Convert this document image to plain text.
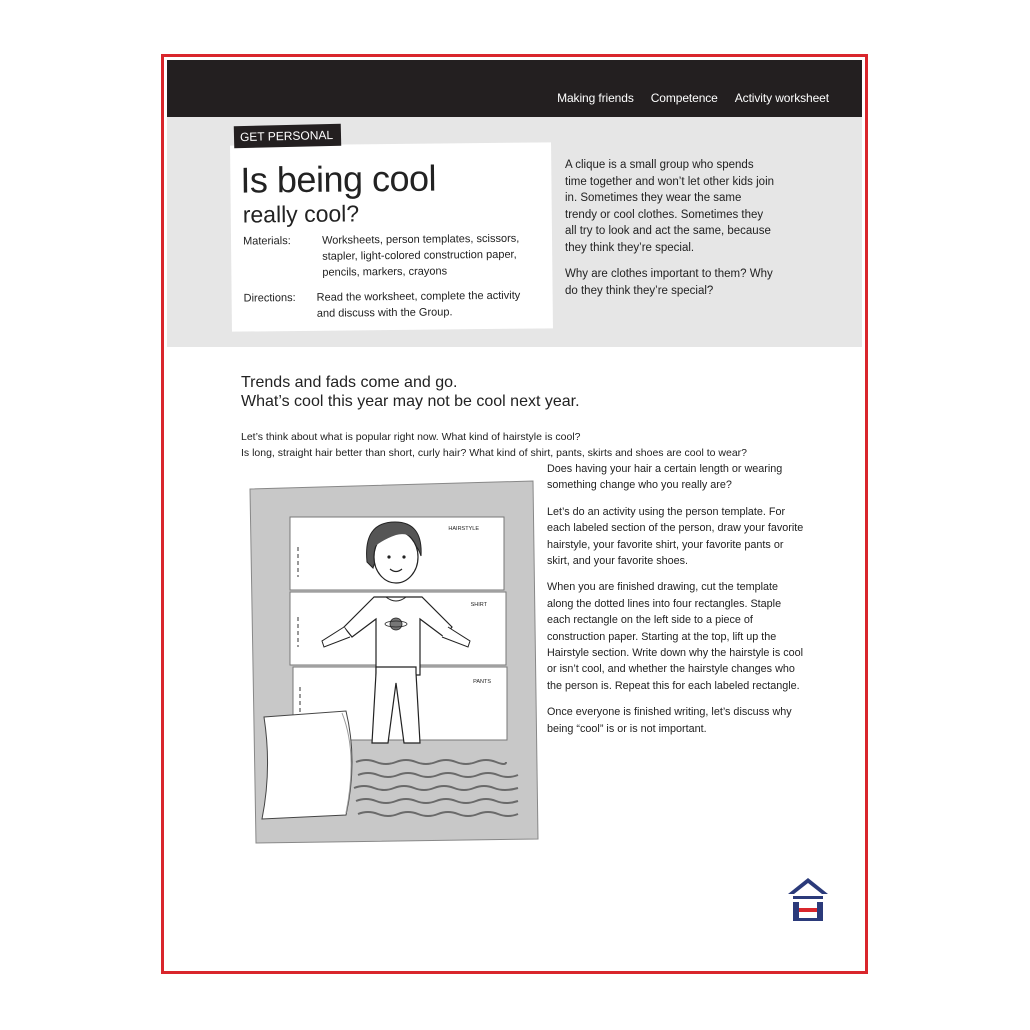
Making friends Competence Activity worksheet
Is being cool
really cool?
Materials:	Worksheets, person templates, scissors,
stapler, light-colored construction paper,
pencils, markers, crayons
Directions: Read the worksheet, complete the activity
and discuss with the Group.
GET PERSONAL

A clique is a small group who spends time together and won’t let other kids join in. Sometimes they wear the same trendy or cool clothes. Sometimes they all try to look and act the same, because they think they’re special.

Why are clothes important to them? Why do they think they’re special?

Trends and fads come and go.
What’s cool this year may not be cool next year.
Let’s think about what is popular right now. What kind of hairstyle is cool?
Is long, straight hair better than short, curly hair? What kind of shirt, pants, skirts and shoes are cool to wear?

Does having your hair a certain length or wearing something change who you really are?

Let’s do an activity using the person template. For each labeled section of the person, draw your favorite hairstyle, your favorite shirt, your favorite pants or skirt, and your favorite shoes.

When you are finished drawing, cut the template along the dotted lines into four rectangles. Staple each rectangle on the left side to a piece of construction paper. Starting at the top, lift up the Hairstyle section. Write down why the hairstyle is cool or isn’t cool, and whether the hairstyle changes who the person is. Repeat this for each labeled rectangle.

Once everyone is finished writing, let’s discuss why being “cool” is or is not important.

HAIRSTYLE
SHIRT
PANTS
